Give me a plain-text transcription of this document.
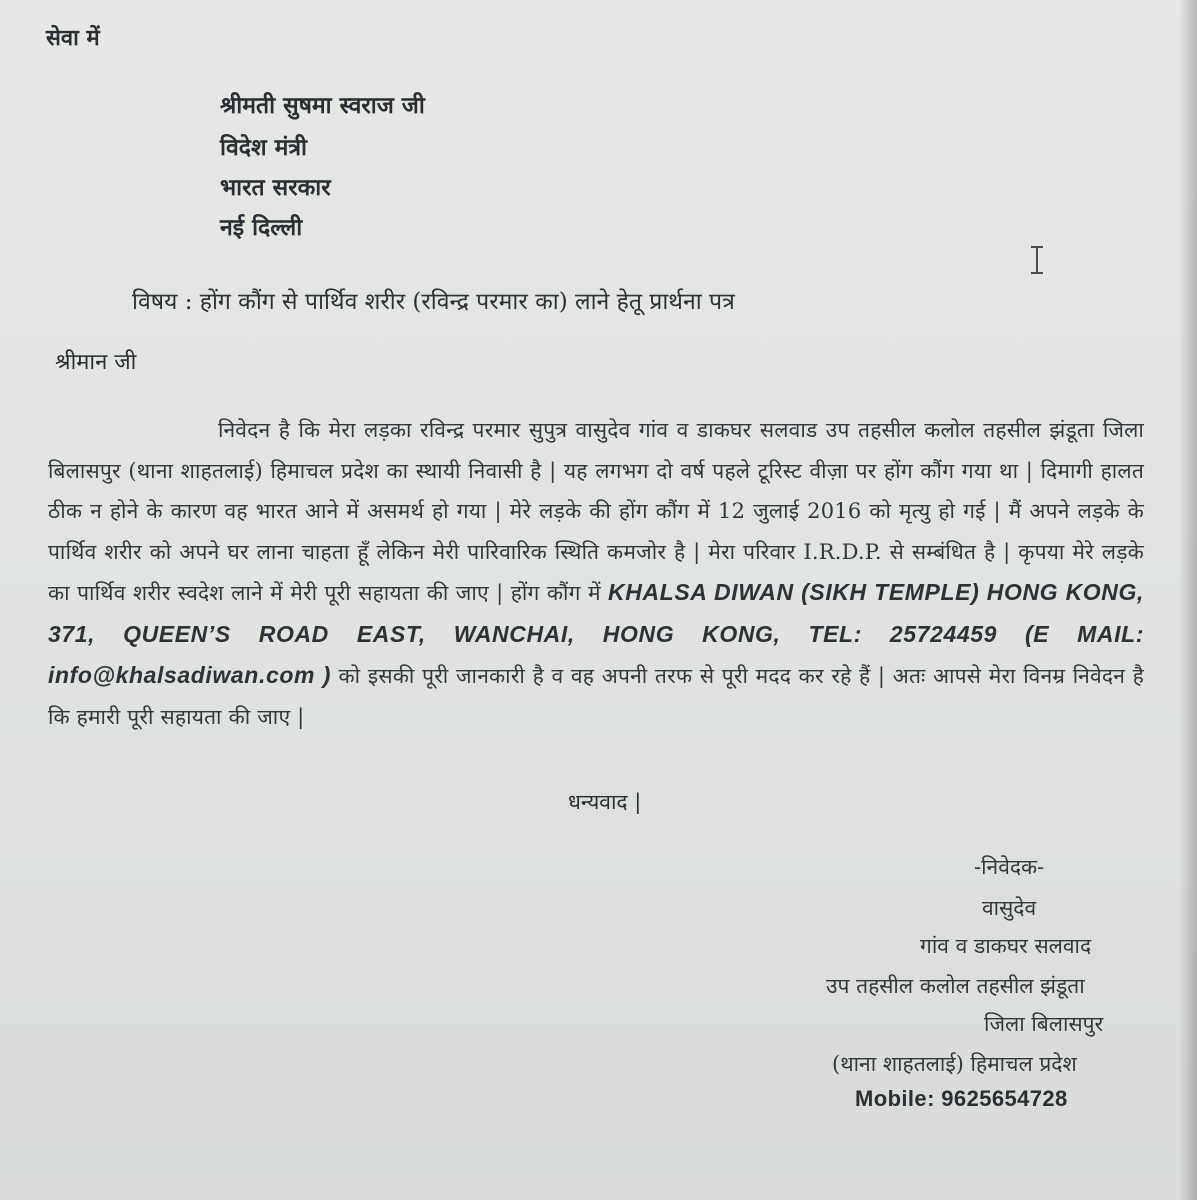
सेवा में
श्रीमती सुषमा स्वराज जी
विदेश मंत्री
भारत सरकार
नई दिल्ली
विषय : होंग कौंग से पार्थिव शरीर (रविन्द्र परमार का) लाने हेतू प्रार्थना पत्र
श्रीमान जी
निवेदन है कि मेरा लड़का रविन्द्र परमार सुपुत्र वासुदेव गांव व डाकघर सलवाड उप तहसील कलोल तहसील झंडूता जिला बिलासपुर (थाना शाहतलाई) हिमाचल प्रदेश का स्थायी निवासी है | यह लगभग दो वर्ष पहले टूरिस्ट वीज़ा पर होंग कौंग गया था | दिमागी हालत ठीक न होने के कारण वह भारत आने में असमर्थ हो गया | मेरे लड़के की होंग कौंग में 12 जुलाई 2016 को मृत्यु हो गई | मैं अपने लड़के के पार्थिव शरीर को अपने घर लाना चाहता हूँ लेकिन मेरी पारिवारिक स्थिति कमजोर है | मेरा परिवार I.R.D.P. से सम्बंधित है | कृपया मेरे लड़के का पार्थिव शरीर स्वदेश लाने में मेरी पूरी सहायता की जाए | होंग कौंग में KHALSA DIWAN (SIKH TEMPLE) HONG KONG, 371, QUEEN’S ROAD EAST, WANCHAI, HONG KONG, TEL: 25724459 (E MAIL: info@khalsadiwan.com ) को इसकी पूरी जानकारी है व वह अपनी तरफ से पूरी मदद कर रहे हैं | अतः आपसे मेरा विनम्र निवेदन है कि हमारी पूरी सहायता की जाए |
धन्यवाद |
-निवेदक-
वासुदेव
गांव व डाकघर सलवाद
उप तहसील कलोल तहसील झंडूता
जिला बिलासपुर
(थाना शाहतलाई) हिमाचल प्रदेश
Mobile: 9625654728
